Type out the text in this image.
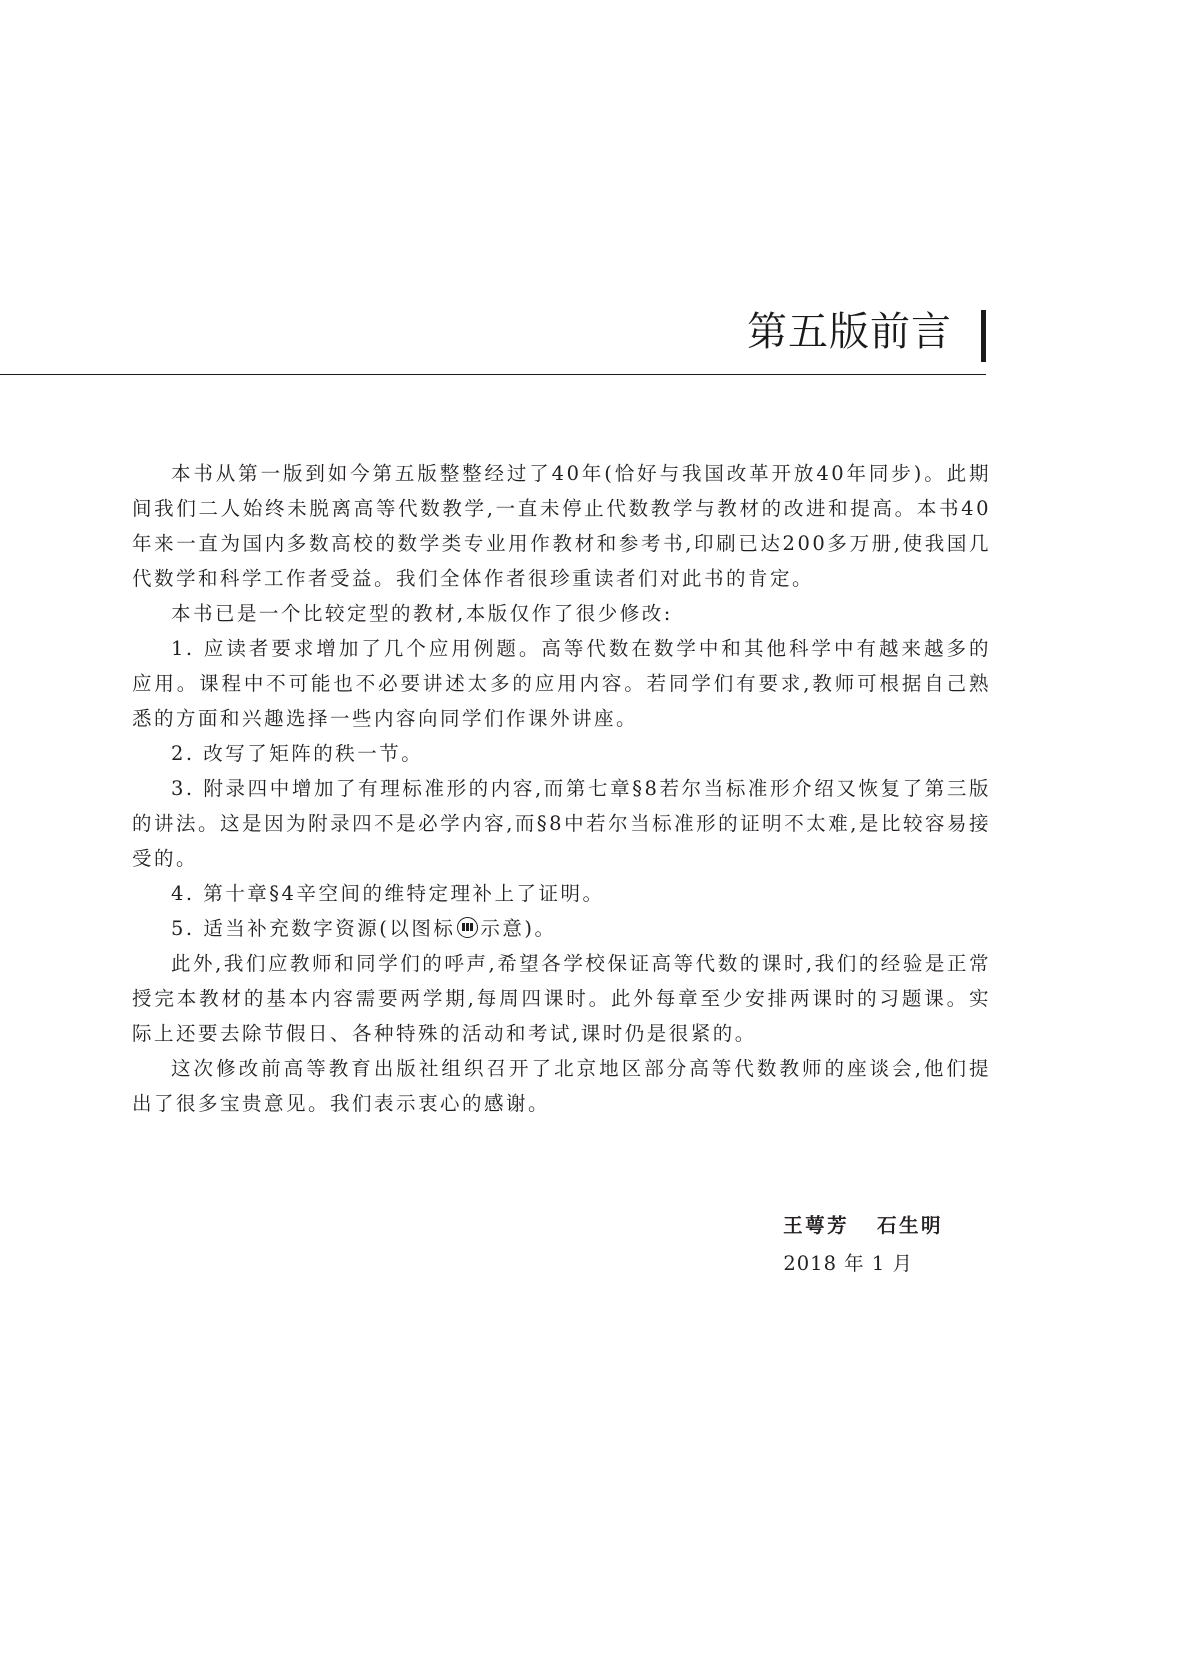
第五版前言

本书从第一版到如今第五版整整经过了40年(恰好与我国改革开放40年同步)。此期间我们二人始终未脱离高等代数教学,一直未停止代数教学与教材的改进和提高。本书40年来一直为国内多数高校的数学类专业用作教材和参考书,印刷已达200多万册,使我国几代数学和科学工作者受益。我们全体作者很珍重读者们对此书的肯定。

本书已是一个比较定型的教材,本版仅作了很少修改:

1. 应读者要求增加了几个应用例题。高等代数在数学中和其他科学中有越来越多的应用。课程中不可能也不必要讲述太多的应用内容。若同学们有要求,教师可根据自己熟悉的方面和兴趣选择一些内容向同学们作课外讲座。

2. 改写了矩阵的秩一节。

3. 附录四中增加了有理标准形的内容,而第七章§8若尔当标准形介绍又恢复了第三版的讲法。这是因为附录四不是必学内容,而§8中若尔当标准形的证明不太难,是比较容易接受的。

4. 第十章§4辛空间的维特定理补上了证明。

5. 适当补充数字资源(以图标 示意)。

此外,我们应教师和同学们的呼声,希望各学校保证高等代数的课时,我们的经验是正常授完本教材的基本内容需要两学期,每周四课时。此外每章至少安排两课时的习题课。实际上还要去除节假日、各种特殊的活动和考试,课时仍是很紧的。

这次修改前高等教育出版社组织召开了北京地区部分高等代数教师的座谈会,他们提出了很多宝贵意见。我们表示衷心的感谢。

王萼芳   石生明
2018 年 1 月
